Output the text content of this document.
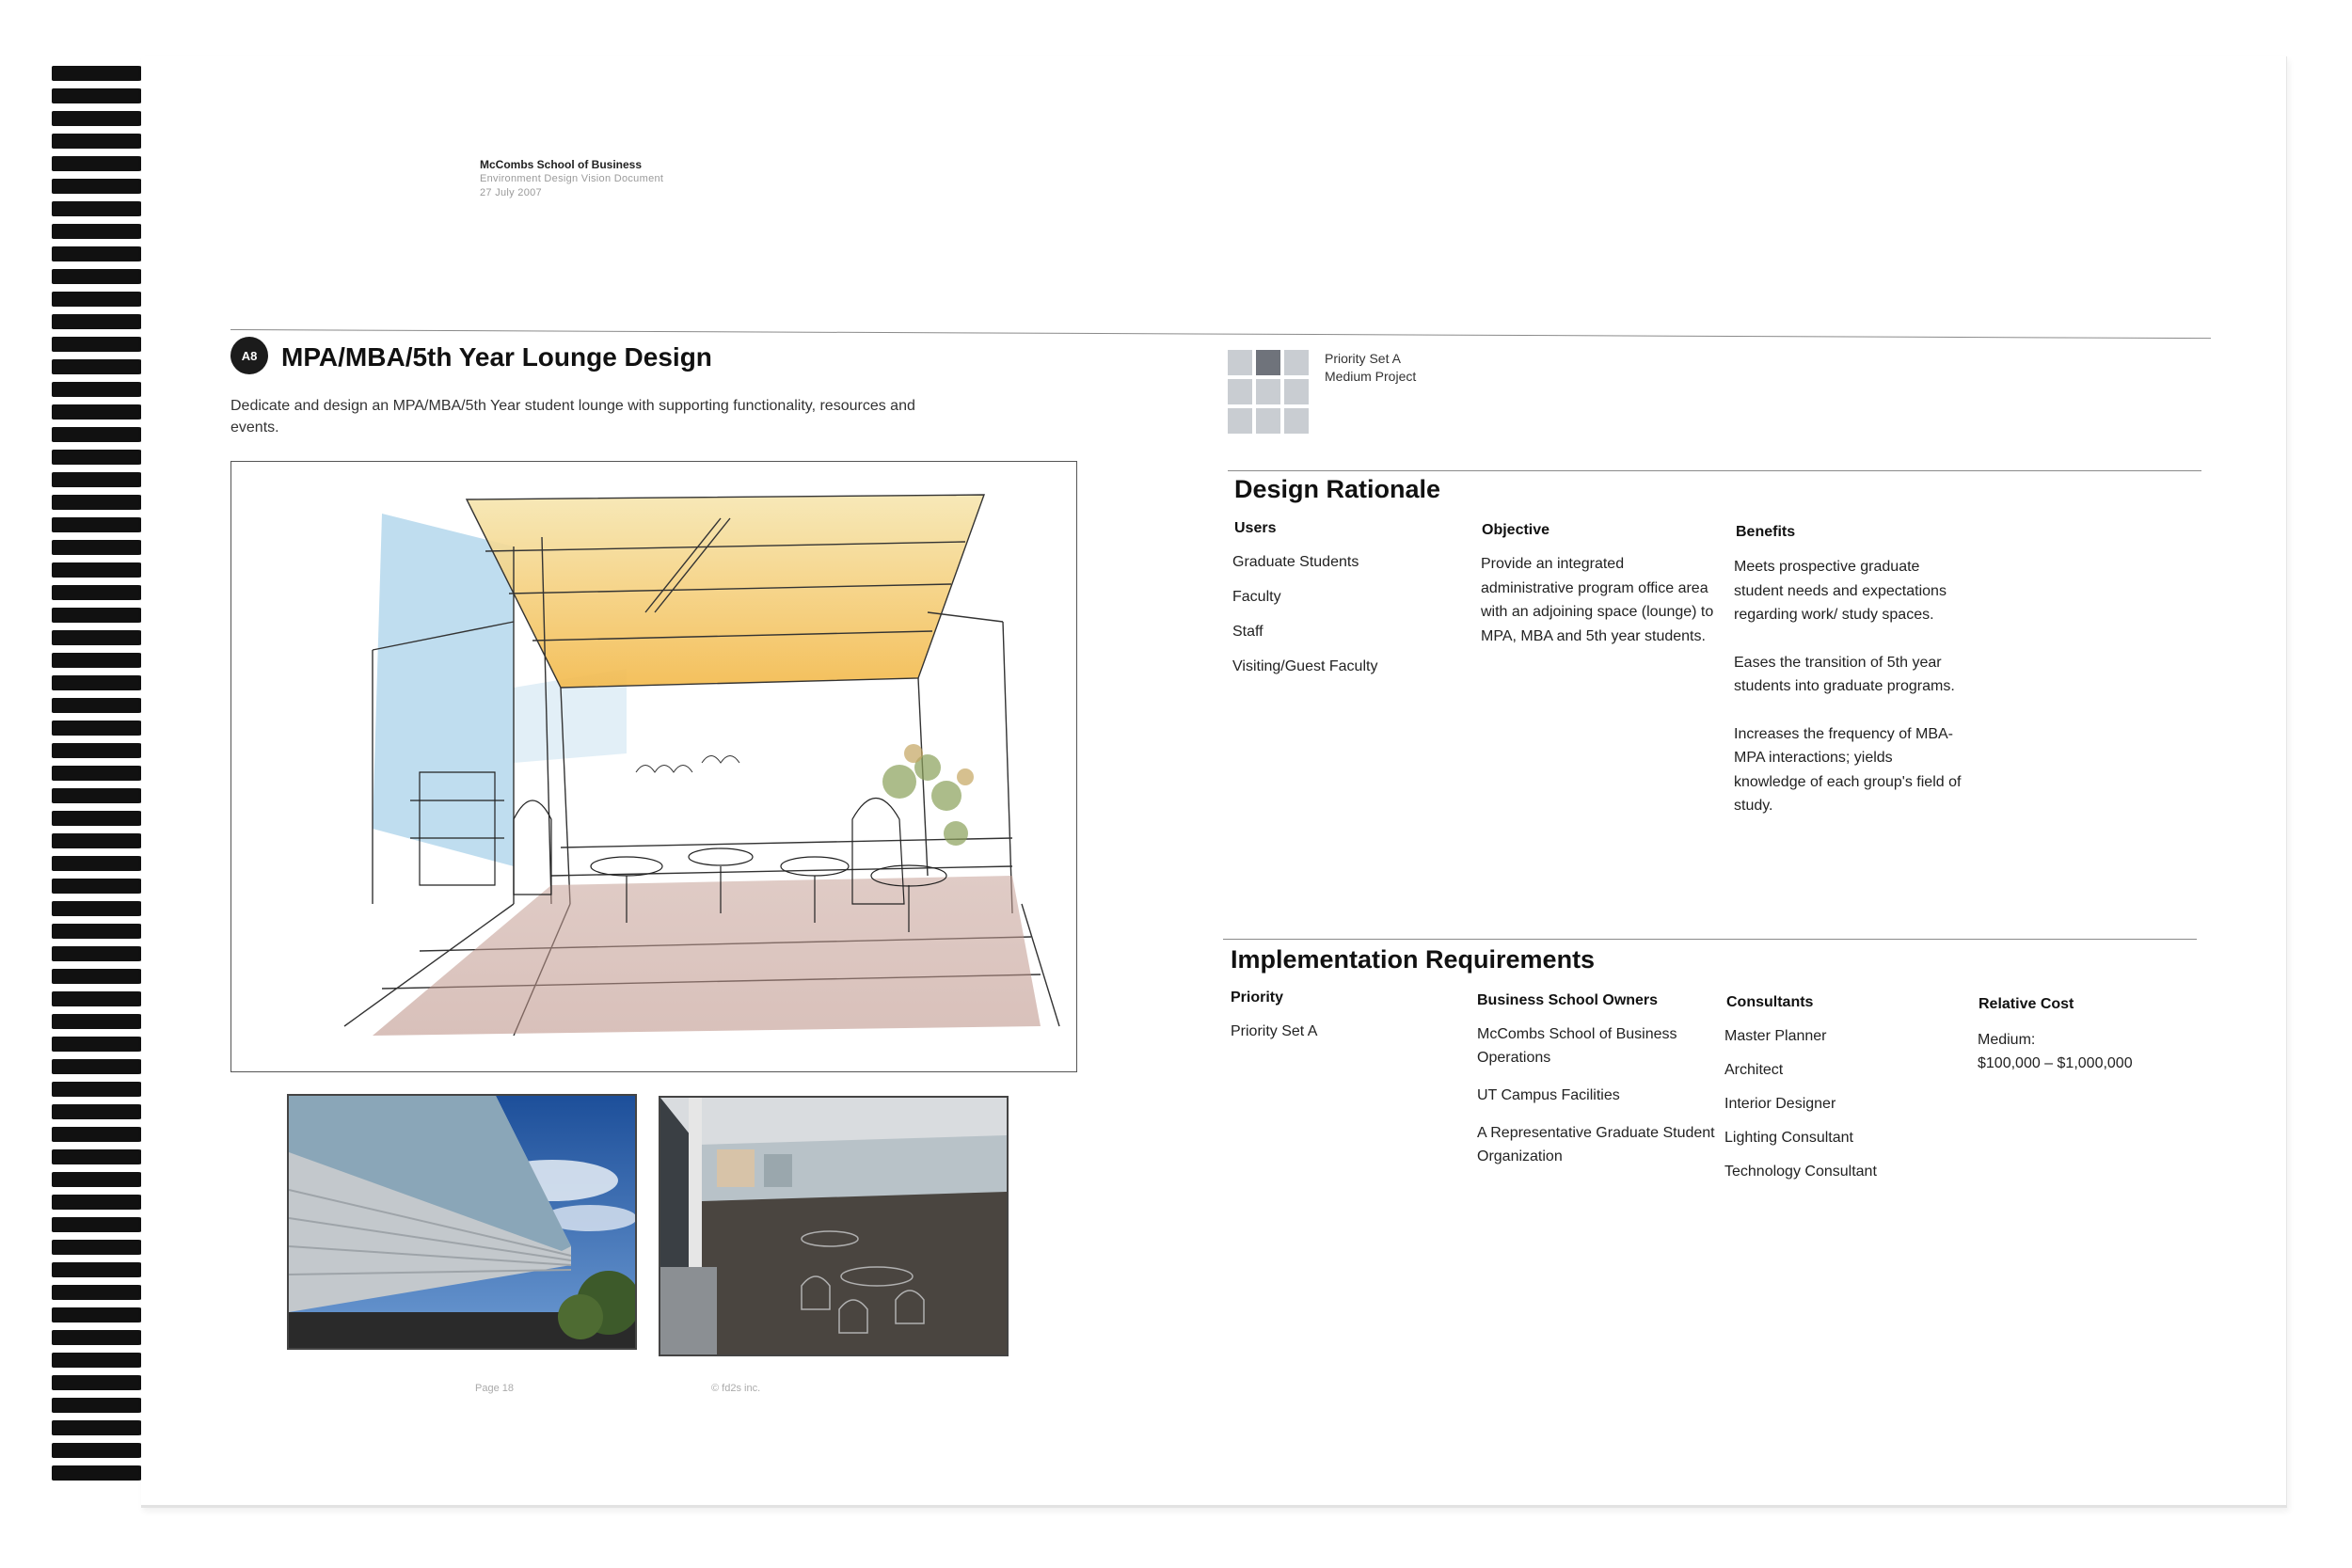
McCombs School of Business
Environment Design Vision Document
27 July 2007
A8 MPA/MBA/5th Year Lounge Design
Dedicate and design an MPA/MBA/5th Year student lounge with supporting functionality, resources and events.
Page 18	© fd2s inc.
Priority Set A
Medium Project
Design Rationale
Users
Graduate Students
Faculty
Staff
Visiting/Guest Faculty
Objective

Provide an integrated administrative program office area with an adjoining space (lounge) to MPA, MBA and 5th year students.

Benefits

Meets prospective graduate student needs and expectations regarding work/ study spaces.

Eases the transition of 5th year students into graduate programs.

Increases the frequency of MBA-MPA interactions; yields knowledge of each group's field of study.

Implementation Requirements
Priority
Priority Set A
Business School Owners
McCombs School of Business Operations
UT Campus Facilities
A Representative Graduate Student Organization
Consultants
Master Planner
Architect
Interior Designer
Lighting Consultant
Technology Consultant
Relative Cost
Medium:
$100,000 – $1,000,000
